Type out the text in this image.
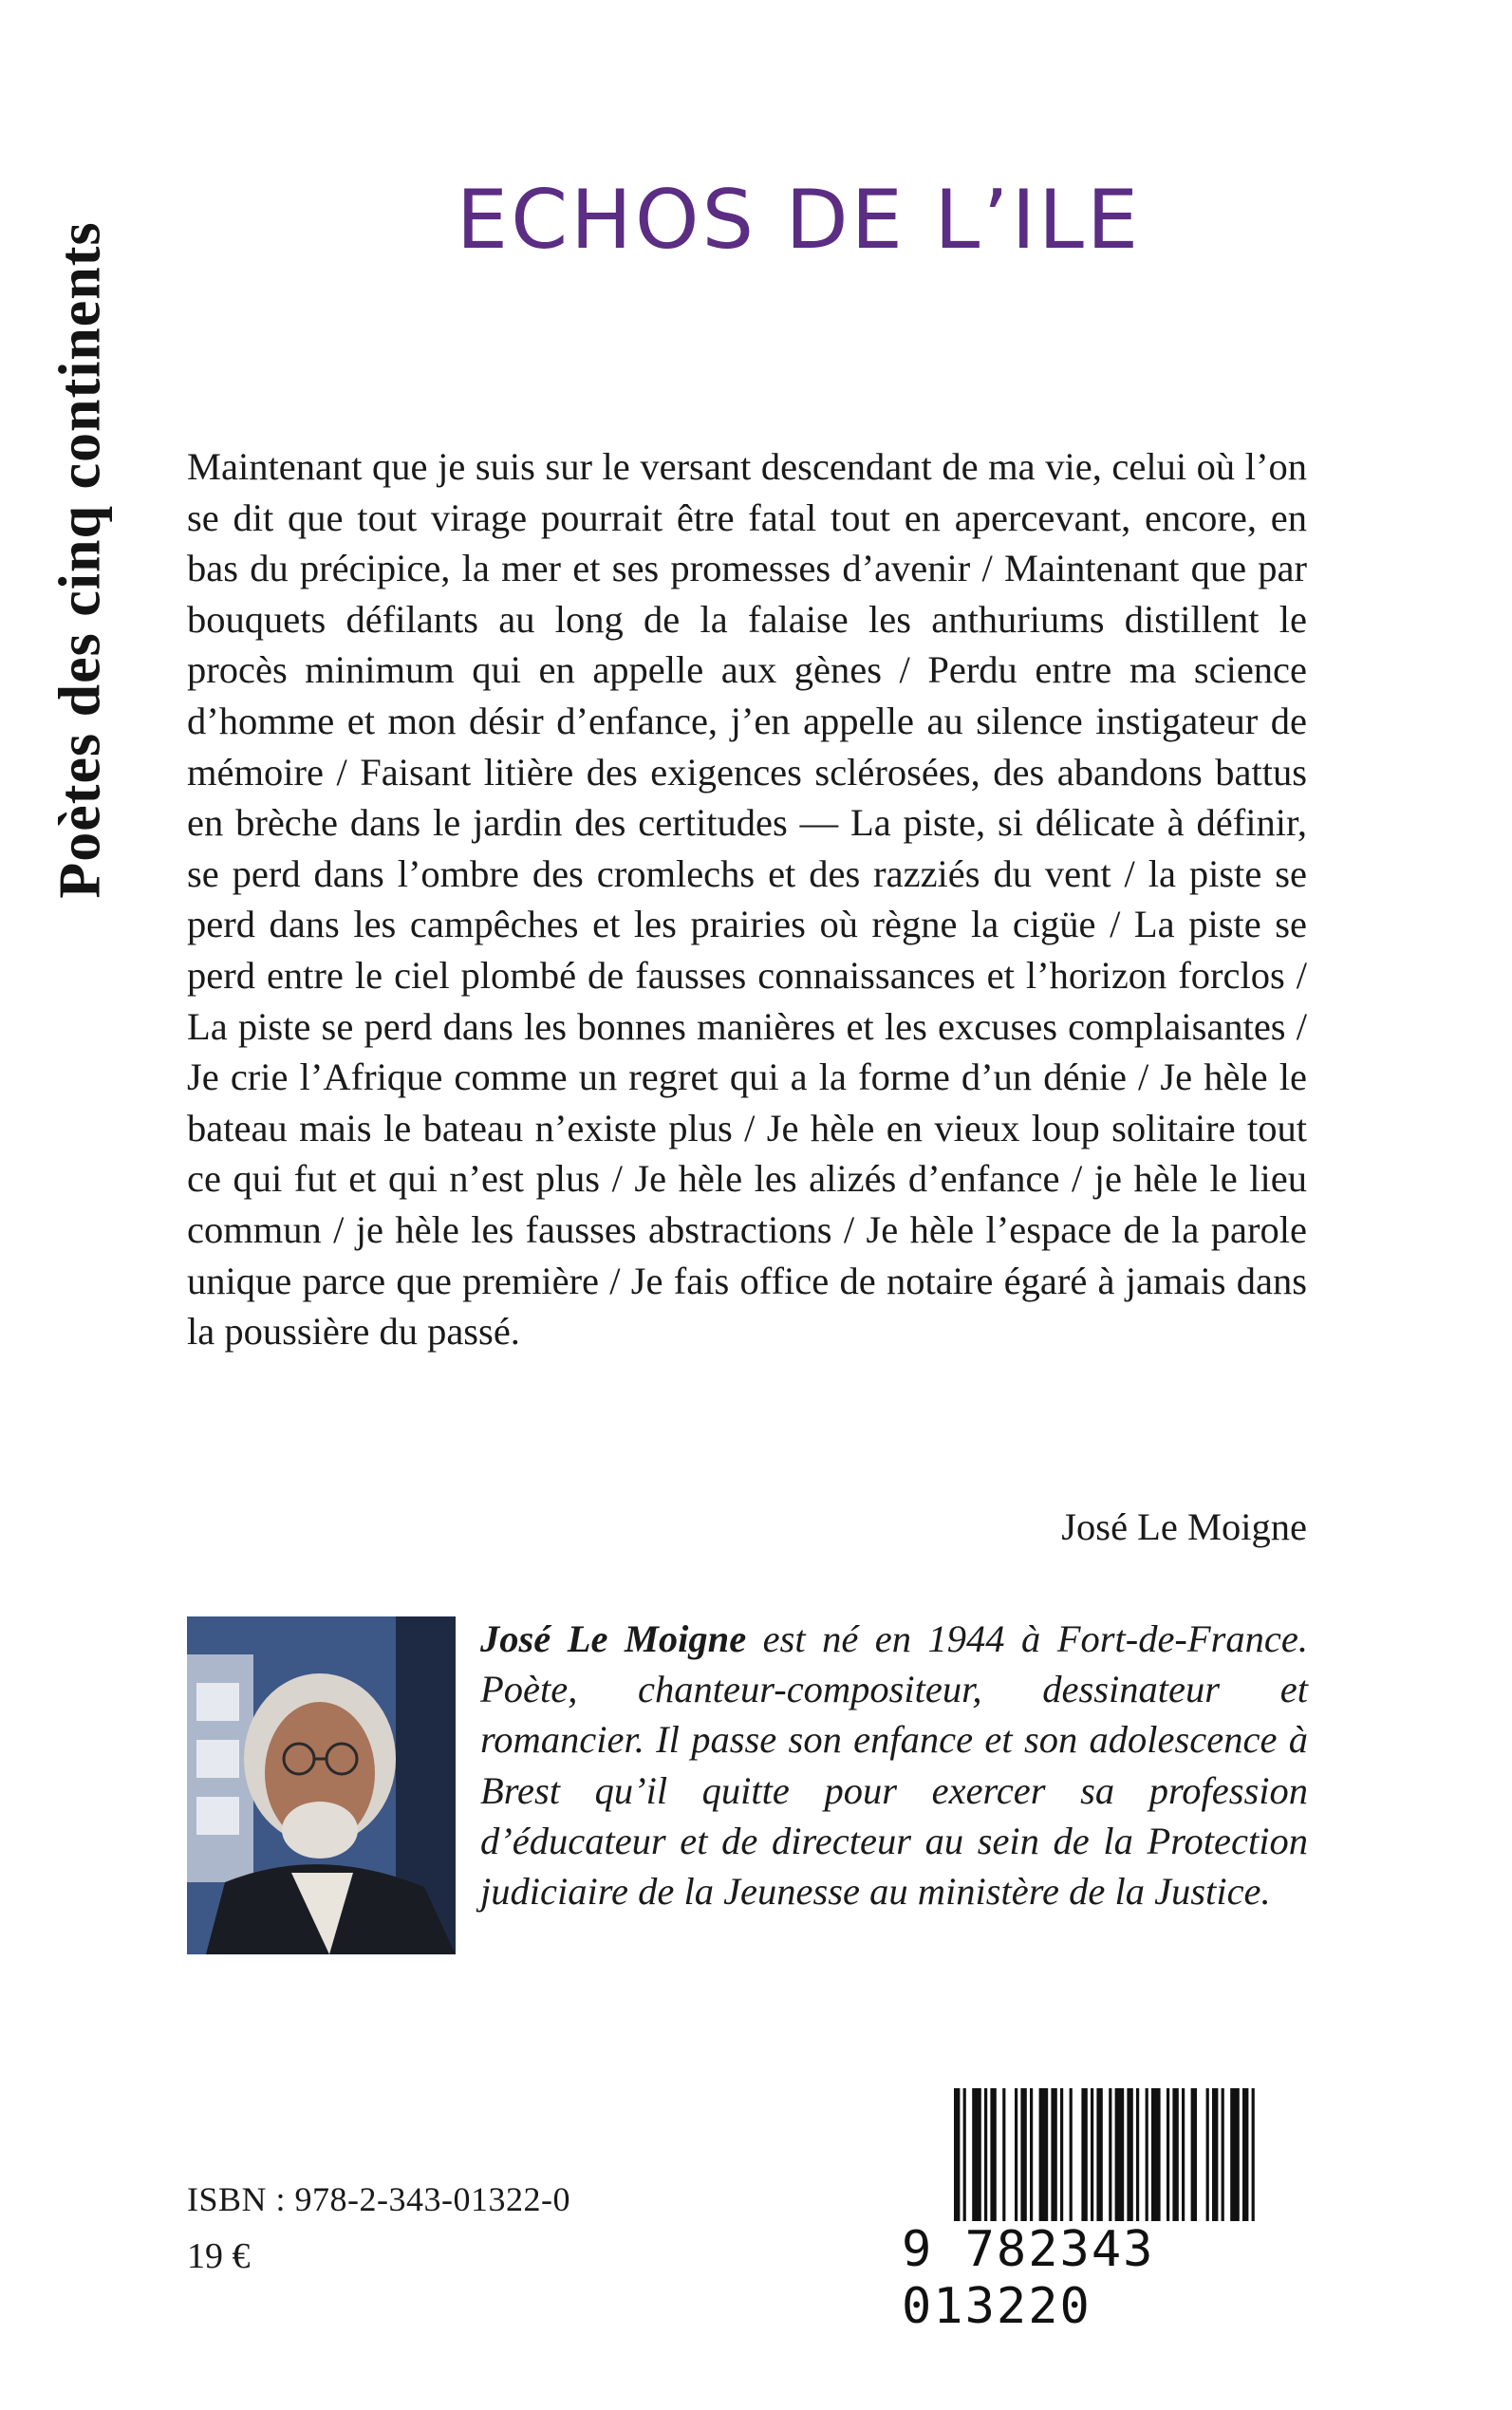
Poètes des cinq continents
ECHOS DE L’ILE

Maintenant que je suis sur le versant descendant de ma vie, celui où l’on se dit que tout virage pourrait être fatal tout en apercevant, encore, en bas du précipice, la mer et ses promesses d’avenir / Maintenant que par bouquets défilants au long de la falaise les anthuriums distillent le procès minimum qui en appelle aux gènes / Perdu entre ma science d’homme et mon désir d’enfance, j’en appelle au silence instigateur de mémoire / Faisant litière des exigences sclérosées, des abandons battus en brèche dans le jardin des certitudes — La piste, si délicate à définir, se perd dans l’ombre des cromlechs et des razziés du vent / la piste se perd dans les campêches et les prairies où règne la cigüe / La piste se perd entre le ciel plombé de fausses connaissances et l’horizon forclos / La piste se perd dans les bonnes manières et les excuses complaisantes / Je crie l’Afrique comme un regret qui a la forme d’un dénie / Je hèle le bateau mais le bateau n’existe plus / Je hèle en vieux loup solitaire tout ce qui fut et qui n’est plus / Je hèle les alizés d’enfance / je hèle le lieu commun / je hèle les fausses abstractions / Je hèle l’espace de la parole unique parce que première / Je fais office de notaire égaré à jamais dans la poussière du passé.

José Le Moigne

José Le Moigne est né en 1944 à Fort-de-France. Poète, chanteur-compositeur, dessinateur et romancier. Il passe son enfance et son adolescence à Brest qu’il quitte pour exercer sa profession d’éducateur et de directeur au sein de la Protection judiciaire de la Jeunesse au ministère de la Justice.

ISBN : 978-2-343-01322-0
19 €	9 782343 013220
